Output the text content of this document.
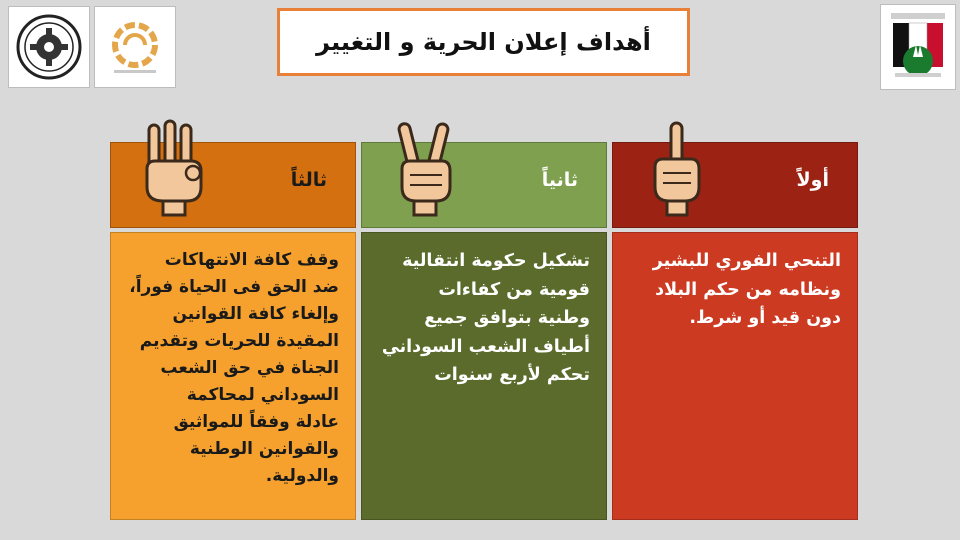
أهداف إعلان الحرية و التغيير
أولاً
التنحي الفوري للبشير
ونظامه من حكم البلاد
دون قيد أو شرط.
ثانياً
تشكيل حكومة انتقالية
قومية من كفاءات
وطنية بتوافق جميع
أطياف الشعب السوداني
تحكم لأربع سنوات
ثالثاً
وقف كافة الانتهاكات
ضد الحق فى الحياة فوراً،
وإلغاء كافة القوانين
المقيدة للحريات وتقديم
الجناة في حق الشعب
السوداني لمحاكمة
عادلة وفقاً للمواثيق
والقوانين الوطنية
والدولية.
